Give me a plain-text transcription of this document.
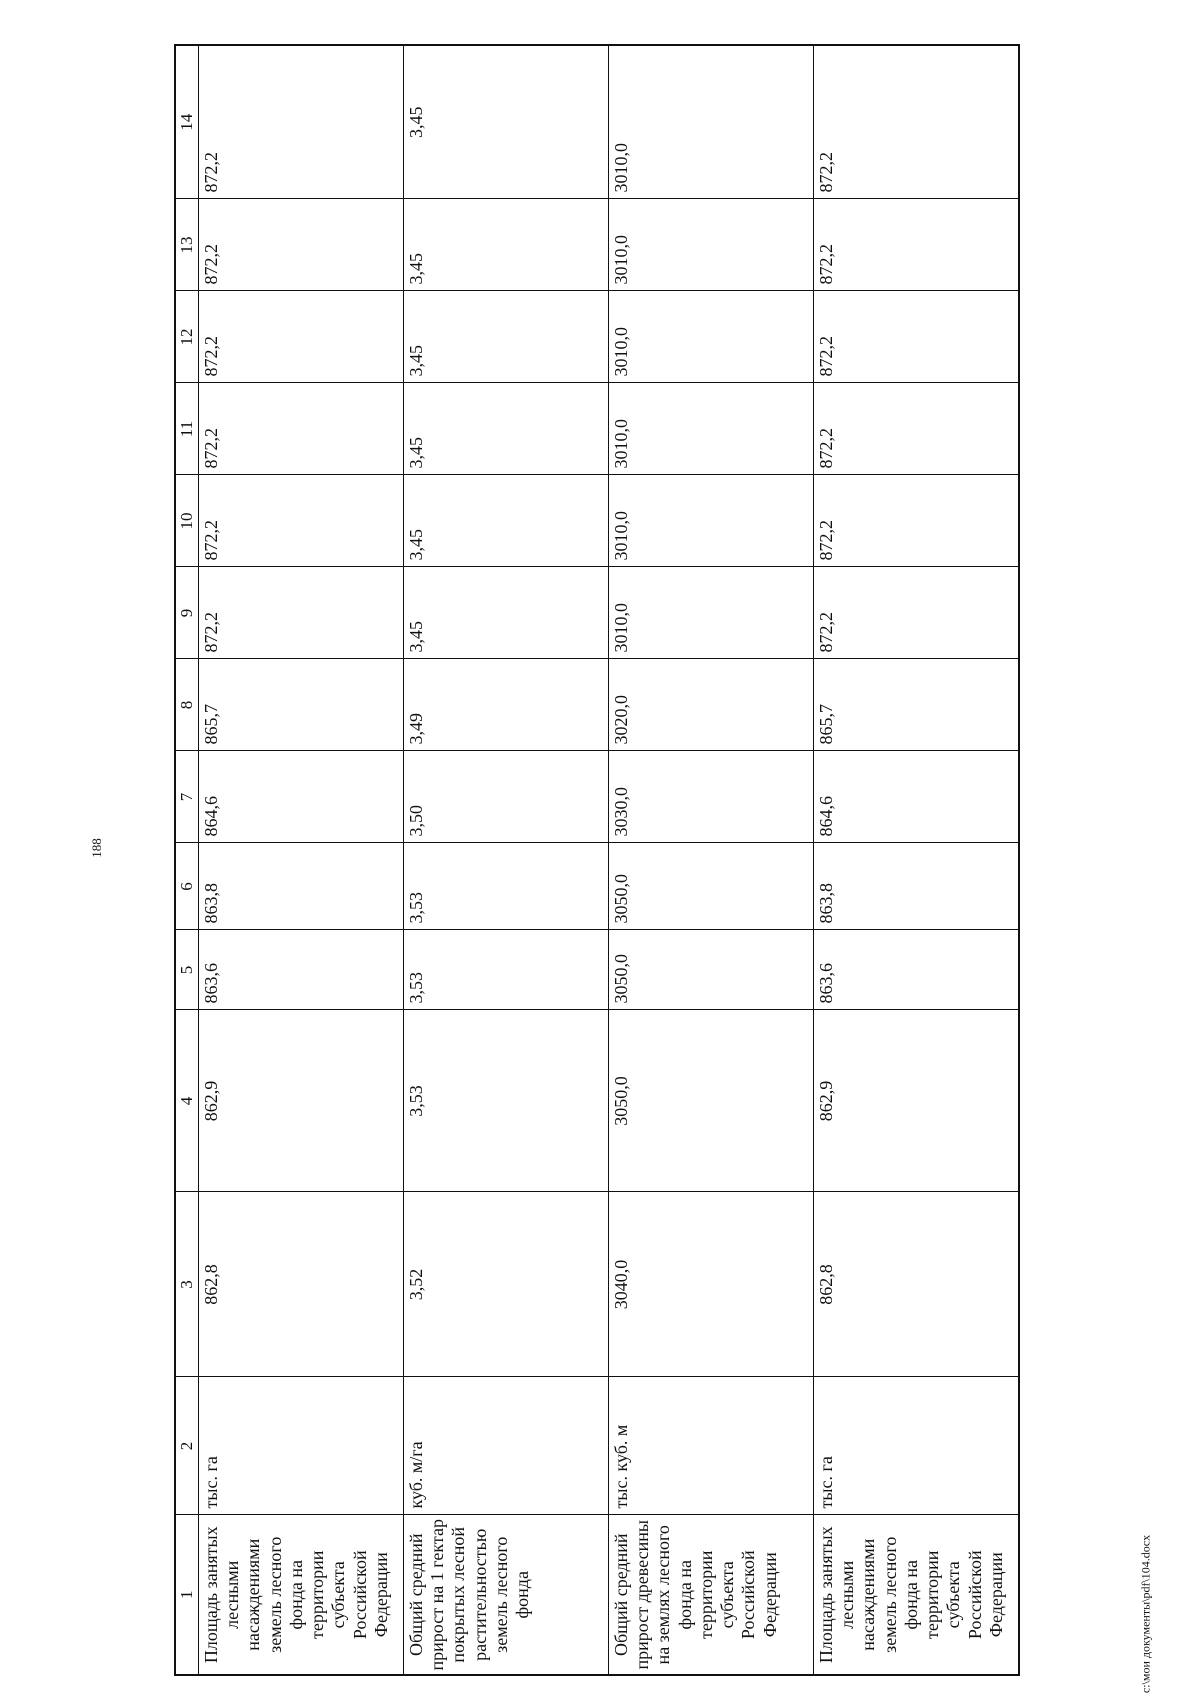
188
1	2	3	4	5	6	7	8	9	10	11	12	13	14
Площадь занятых лесными насаждениями земель лесного фонда на территории субъекта Российской Федерации	тыс. га	862,8	862,9	863,6	863,8	864,6	865,7	872,2	872,2	872,2	872,2	872,2	872,2
Общий средний прирост на 1 гектар покрытых лесной растительностью земель лесного фонда	куб. м/га	3,52	3,53	3,53	3,53	3,50	3,49	3,45	3,45	3,45	3,45	3,45	3,45
Общий средний прирост древесины на землях лесного фонда на территории субъекта Российской Федерации	тыс. куб. м	3040,0	3050,0	3050,0	3050,0	3030,0	3020,0	3010,0	3010,0	3010,0	3010,0	3010,0	3010,0
Площадь занятых лесными насаждениями земель лесного фонда на территории субъекта Российской Федерации	тыс. га	862,8	862,9	863,6	863,8	864,6	865,7	872,2	872,2	872,2	872,2	872,2	872,2
c:\мои документы\pdf\104.docx
